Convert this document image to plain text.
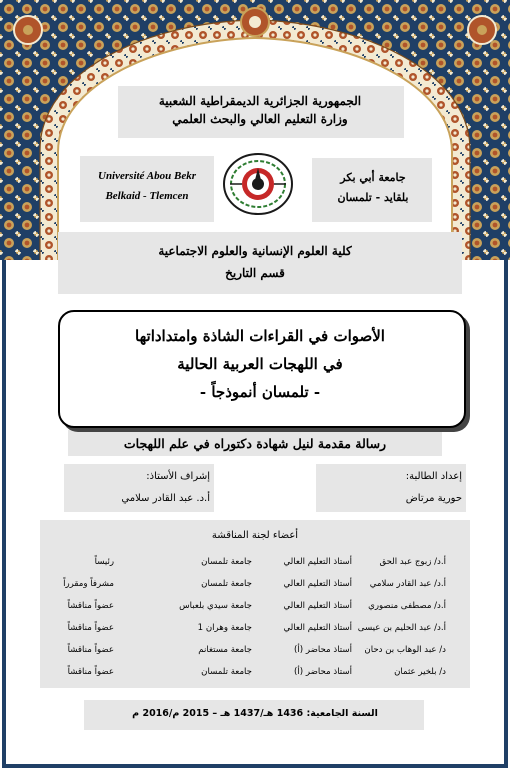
الجمهورية الجزائرية الديمقراطية الشعبية
وزارة التعليم العالي والبحث العلمي
جامعة أبي بكر
بلقايد - تلمسان
Université Abou Bekr
Belkaid - Tlemcen
كلية العلوم الإنسانية والعلوم الاجتماعية
قسم التاريخ
الأصوات في القراءات الشاذة وامتداداتها
في اللهجات العربية الحالية
- تلمسان أنموذجاً -
رسالة مقدمة لنيل شهادة دكتوراه في علم اللهجات
إعداد الطالبة:
حورية مرتاض
إشراف الأستاذ:
أ.د. عبد القادر سلامي
أعضاء لجنة المناقشة
أ.د/ زبوج عبد الحق
أستاذ التعليم العالي
جامعة تلمسان
رئيساً
أ.د/ عبد القادر سلامي
أستاذ التعليم العالي
جامعة تلمسان
مشرفاً ومقرراً
أ.د/ مصطفى منصوري
أستاذ التعليم العالي
جامعة سيدي بلعباس
عضواً مناقشاً
أ.د/ عبد الحليم بن عيسى
أستاذ التعليم العالي
جامعة وهران 1
عضواً مناقشاً
د/ عبد الوهاب بن دحان
أستاذ محاضر (أ)
جامعة مستغانم
عضواً مناقشاً
د/ بلخير عثمان
أستاذ محاضر (أ)
جامعة تلمسان
عضواً مناقشاً
السنة الجامعية: 1436 هـ/1437 هـ – 2015 م/2016 م
